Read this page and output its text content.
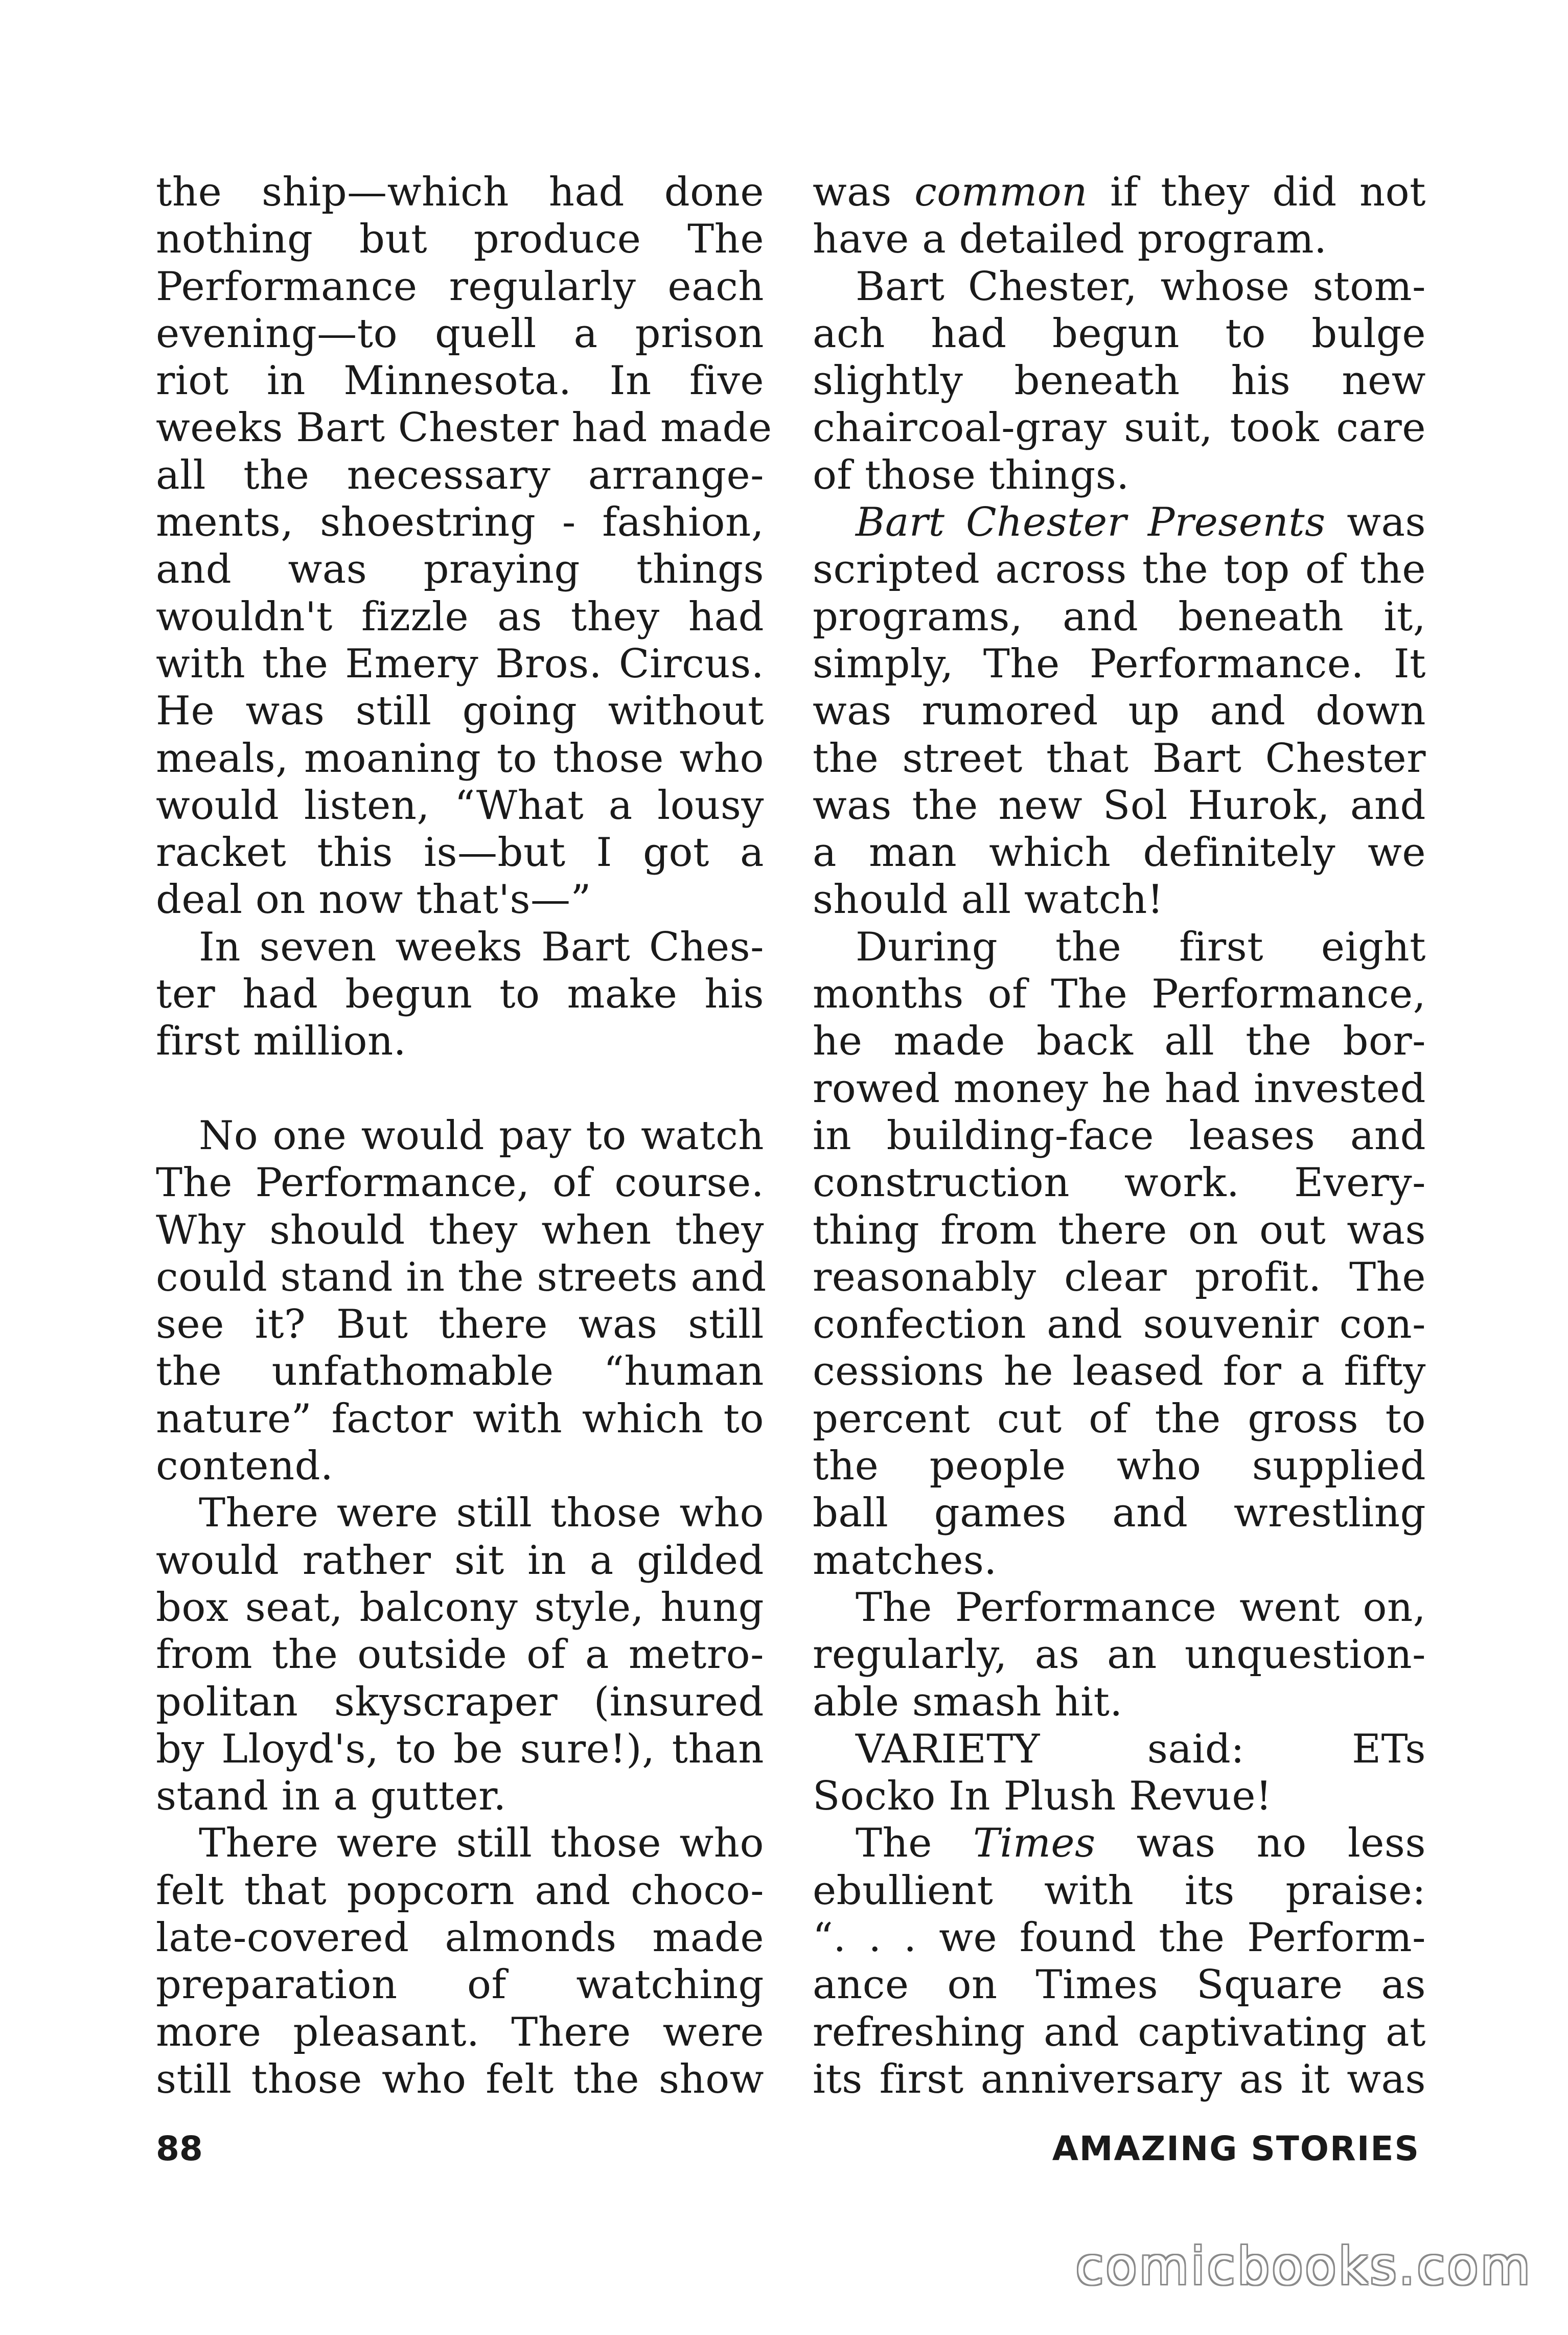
the ship—which had done
nothing but produce The
Performance regularly each
evening—to quell a prison
riot in Minnesota. In five
weeks Bart Chester had made
all the necessary arrange-
ments, shoestring - fashion,
and was praying things
wouldn't fizzle as they had
with the Emery Bros. Circus.
He was still going without
meals, moaning to those who
would listen, “What a lousy
racket this is—but I got a
deal on now that's—”
In seven weeks Bart Ches-
ter had begun to make his
first million.
No one would pay to watch
The Performance, of course.
Why should they when they
could stand in the streets and
see it? But there was still
the unfathomable “human
nature” factor with which to
contend.
There were still those who
would rather sit in a gilded
box seat, balcony style, hung
from the outside of a metro-
politan skyscraper (insured
by Lloyd's, to be sure!), than
stand in a gutter.
There were still those who
felt that popcorn and choco-
late-covered almonds made
preparation of watching
more pleasant. There were
still those who felt the show
was common if they did not
have a detailed program.
Bart Chester, whose stom-
ach had begun to bulge
slightly beneath his new
chaircoal-gray suit, took care
of those things.
Bart Chester Presents was
scripted across the top of the
programs, and beneath it,
simply, The Performance. It
was rumored up and down
the street that Bart Chester
was the new Sol Hurok, and
a man which definitely we
should all watch!
During the first eight
months of The Performance,
he made back all the bor-
rowed money he had invested
in building-face leases and
construction work. Every-
thing from there on out was
reasonably clear profit. The
confection and souvenir con-
cessions he leased for a fifty
percent cut of the gross to
the people who supplied
ball games and wrestling
matches.
The Performance went on,
regularly, as an unquestion-
able smash hit.
VARIETY said: ETs
Socko In Plush Revue!
The Times was no less
ebullient with its praise:
“. . . we found the Perform-
ance on Times Square as
refreshing and captivating at
its first anniversary as it was
88	AMAZING STORIES
comicbooks.com
